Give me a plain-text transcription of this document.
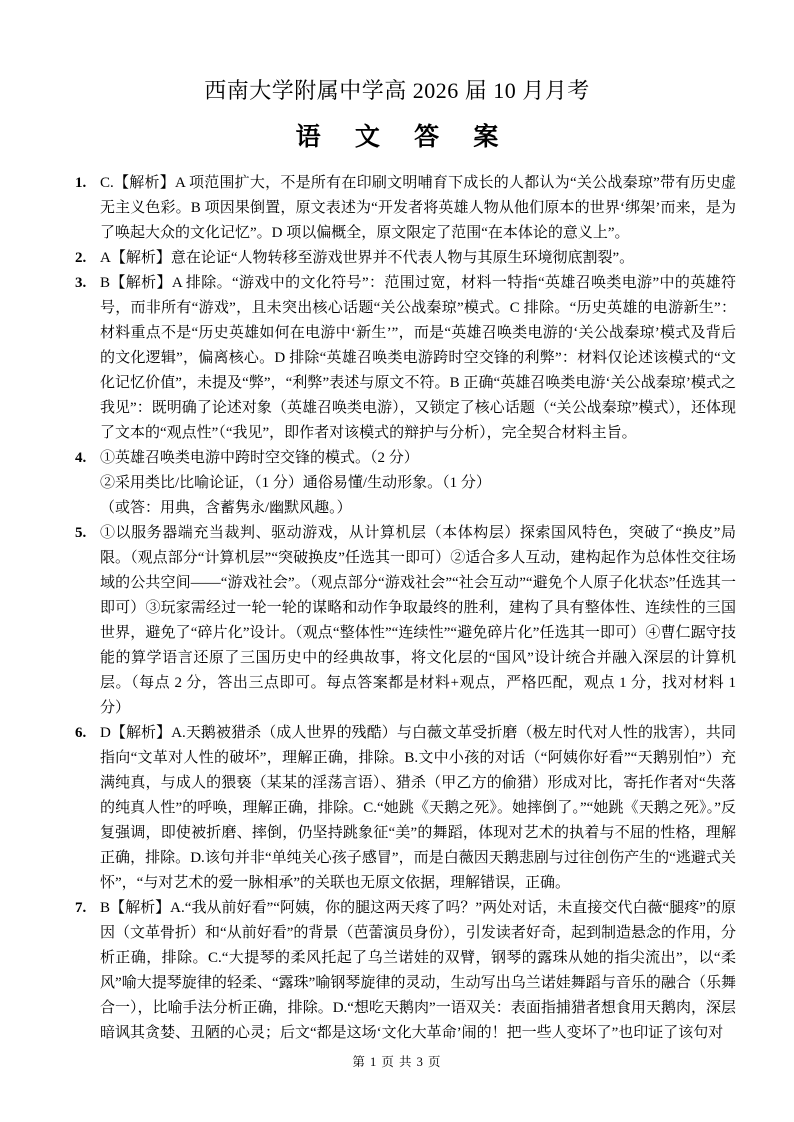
西南大学附属中学高 2026 届 10 月月考
语 文 答 案
1. C.【解析】A 项范围扩大，不是所有在印刷文明哺育下成长的人都认为“关公战秦琼”带有历史虚无主义色彩。B 项因果倒置，原文表述为“开发者将英雄人物从他们原本的世界‘绑架’而来，是为了唤起大众的文化记忆”。D 项以偏概全，原文限定了范围“在本体论的意义上”。
2. A【解析】意在论证“人物转移至游戏世界并不代表人物与其原生环境彻底割裂”。
3. B【解析】A 排除。“游戏中的文化符号”：范围过宽，材料一特指“英雄召唤类电游”中的英雄符号，而非所有“游戏”，且未突出核心话题“关公战秦琼”模式。C 排除。“历史英雄的电游新生”：材料重点不是“历史英雄如何在电游中‘新生’”，而是“英雄召唤类电游的‘关公战秦琼’模式及背后的文化逻辑”，偏离核心。D 排除“英雄召唤类电游跨时空交锋的利弊”：材料仅论述该模式的“文化记忆价值”，未提及“弊”，“利弊”表述与原文不符。B 正确“英雄召唤类电游‘关公战秦琼’模式之我见”：既明确了论述对象（英雄召唤类电游），又锁定了核心话题（“关公战秦琼”模式），还体现了文本的“观点性”（“我见”，即作者对该模式的辩护与分析），完全契合材料主旨。
4. ①英雄召唤类电游中跨时空交锋的模式。（2 分）
②采用类比/比喻论证，（1 分）通俗易懂/生动形象。（1 分）
（或答：用典，含蓄隽永/幽默风趣。）
5. ①以服务器端充当裁判、驱动游戏，从计算机层（本体构层）探索国风特色，突破了“换皮”局限。（观点部分“计算机层”“突破换皮”任选其一即可）②适合多人互动，建构起作为总体性交往场域的公共空间——“游戏社会”。（观点部分“游戏社会”“社会互动”“避免个人原子化状态”任选其一即可）③玩家需经过一轮一轮的谋略和动作争取最终的胜利，建构了具有整体性、连续性的三国世界，避免了“碎片化”设计。（观点“整体性”“连续性”“避免碎片化”任选其一即可）④曹仁踞守技能的算学语言还原了三国历史中的经典故事，将文化层的“国风”设计统合并融入深层的计算机层。（每点 2 分，答出三点即可。每点答案都是材料+观点，严格匹配，观点 1 分，找对材料 1 分）
6. D【解析】A.天鹅被猎杀（成人世界的残酷）与白薇文革受折磨（极左时代对人性的戕害），共同指向“文革对人性的破坏”，理解正确，排除。B.文中小孩的对话（“阿姨你好看”“天鹅别怕”）充满纯真，与成人的猥亵（某某的淫荡言语）、猎杀（甲乙方的偷猎）形成对比，寄托作者对“失落的纯真人性”的呼唤，理解正确，排除。C.“她跳《天鹅之死》。她摔倒了。”“她跳《天鹅之死》。”反复强调，即使被折磨、摔倒，仍坚持跳象征“美”的舞蹈，体现对艺术的执着与不屈的性格，理解正确，排除。D.该句并非“单纯关心孩子感冒”，而是白薇因天鹅悲剧与过往创伤产生的“逃避式关怀”，“与对艺术的爱一脉相承”的关联也无原文依据，理解错误，正确。
7. B【解析】A.“我从前好看”“阿姨，你的腿这两天疼了吗？”两处对话，未直接交代白薇“腿疼”的原因（文革骨折）和“从前好看”的背景（芭蕾演员身份），引发读者好奇，起到制造悬念的作用，分析正确，排除。C.“大提琴的柔风托起了乌兰诺娃的双臂，钢琴的露珠从她的指尖流出”，以“柔风”喻大提琴旋律的轻柔、“露珠”喻钢琴旋律的灵动，生动写出乌兰诺娃舞蹈与音乐的融合（乐舞合一），比喻手法分析正确，排除。D.“想吃天鹅肉”一语双关：表面指捕猎者想食用天鹅肉，深层暗讽其贪婪、丑陋的心灵；后文“都是这场‘文化大革命’闹的！把一些人变坏了”也印证了该句对
第 1 页 共 3 页
